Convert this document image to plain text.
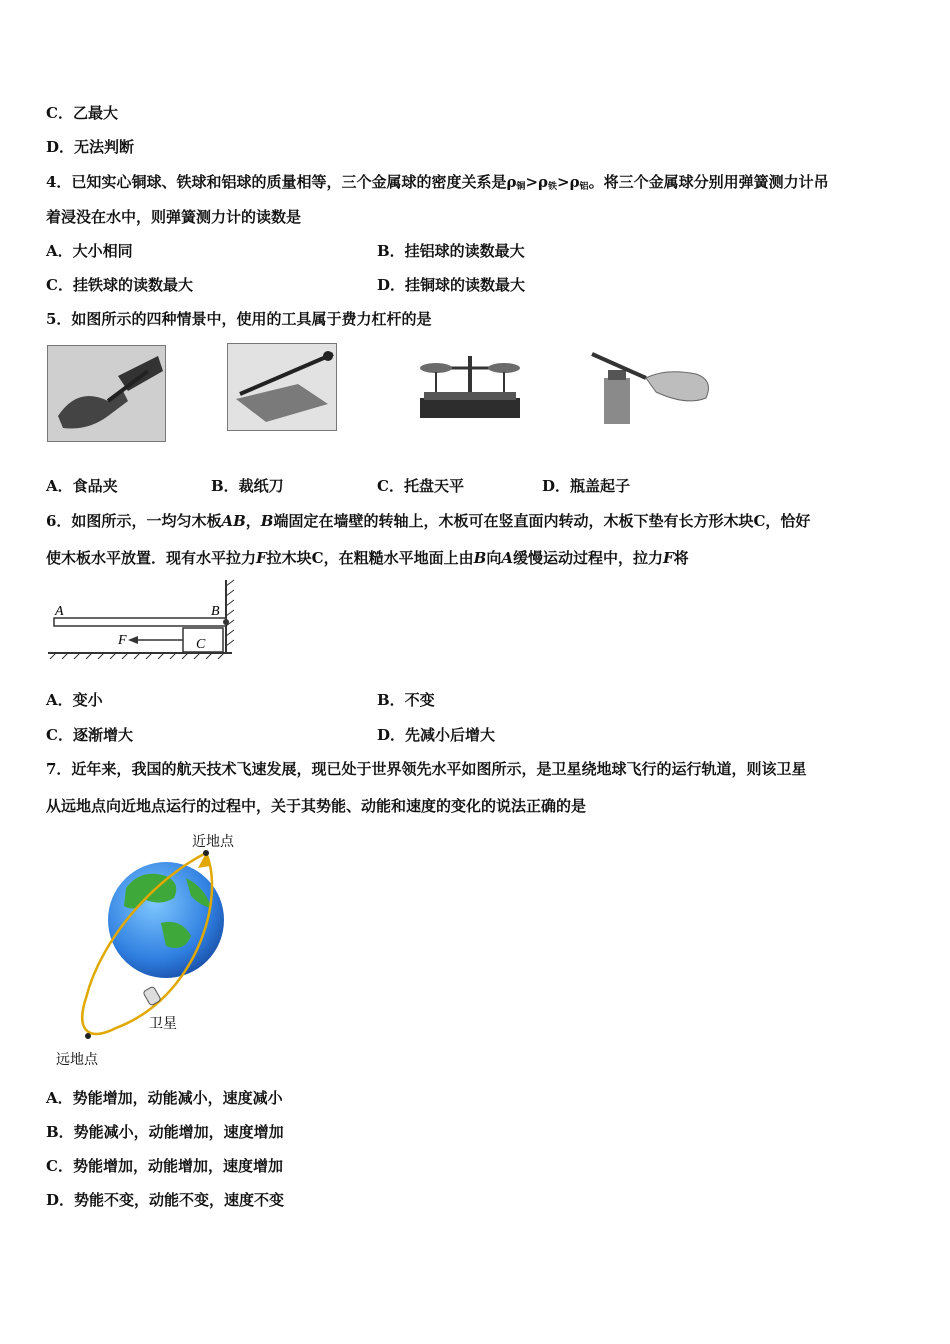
C．乙最大
D．无法判断
4．已知实心铜球、铁球和铝球的质量相等，三个金属球的密度关系是$\rho_铜>\rho_铁>\rho_铝$。将三个金属球分别用弹簧测力计吊
着浸没在水中，则弹簧测力计的读数是
A．大小相同	B．挂铝球的读数最大
C．挂铁球的读数最大	D．挂铜球的读数最大
5．如图所示的四种情景中，使用的工具属于费力杠杆的是
A．食品夹	B．裁纸刀	C．托盘天平	D．瓶盖起子
6．如图所示，一均匀木板AB，B端固定在墙壁的转轴上，木板可在竖直面内转动，木板下垫有长方形木块C，恰好
使木板水平放置．现有水平拉力F拉木块C，在粗糙水平地面上由B向A缓慢运动过程中，拉力F将
A	B
F	C
A．变小	B．不变
C．逐渐增大	D．先减小后增大
7．近年来，我国的航天技术飞速发展，现已处于世界领先水平如图所示，是卫星绕地球飞行的运行轨道，则该卫星
从远地点向近地点运行的过程中，关于其势能、动能和速度的变化的说法正确的是
近地点
远地点
卫星
A．势能增加，动能减小，速度减小
B．势能减小，动能增加，速度增加
C．势能增加，动能增加，速度增加
D．势能不变，动能不变，速度不变
